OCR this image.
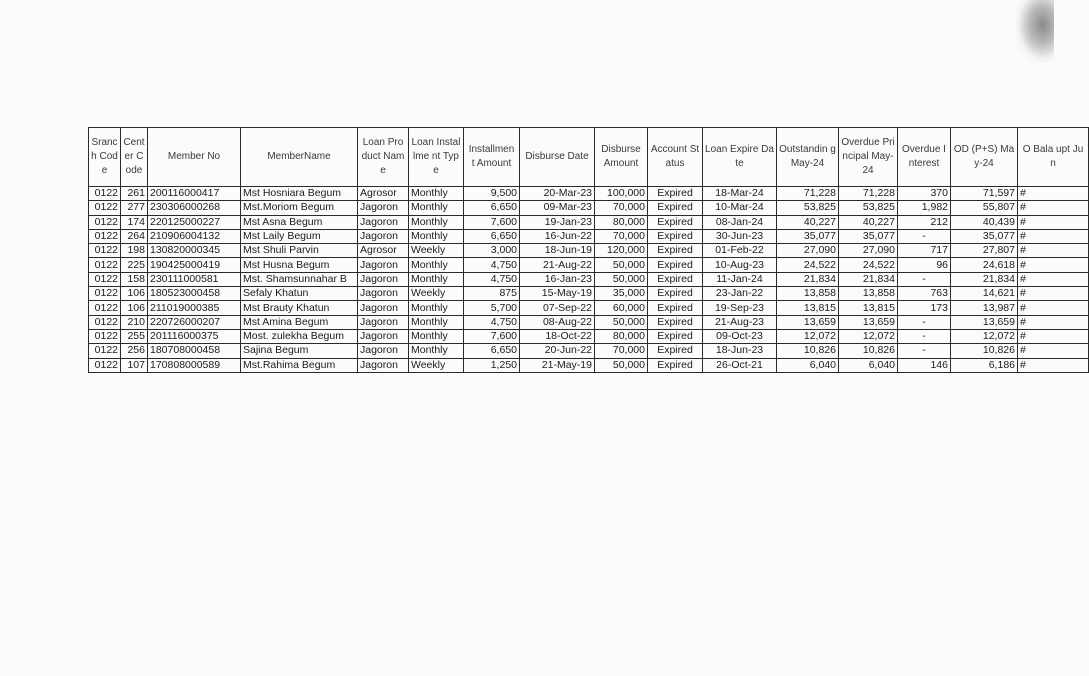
Sranc h Code	Cent er Code	Member No	MemberName	Loan Product Name	Loan Installme nt Type	Installmen t Amount	Disburse Date	Disburse Amount	Account Status	Loan Expire Date	Outstandin g May-24	Overdue Principal May-24	Overdue Interest	OD (P+S) May-24	O Bala upt Jun
0122	261	200116000417	Mst Hosniara Begum	Agrosor	Monthly	9,500	20-Mar-23	100,000	Expired	18-Mar-24	71,228	71,228	370	71,597	#
0122	277	230306000268	Mst.Moriom Begum	Jagoron	Monthly	6,650	09-Mar-23	70,000	Expired	10-Mar-24	53,825	53,825	1,982	55,807	#
0122	174	220125000227	Mst Asna Begum	Jagoron	Monthly	7,600	19-Jan-23	80,000	Expired	08-Jan-24	40,227	40,227	212	40,439	#
0122	264	210906004132	Mst Laily Begum	Jagoron	Monthly	6,650	16-Jun-22	70,000	Expired	30-Jun-23	35,077	35,077	-	35,077	#
0122	198	130820000345	Mst Shuli Parvin	Agrosor	Weekly	3,000	18-Jun-19	120,000	Expired	01-Feb-22	27,090	27,090	717	27,807	#
0122	225	190425000419	Mst Husna Begum	Jagoron	Monthly	4,750	21-Aug-22	50,000	Expired	10-Aug-23	24,522	24,522	96	24,618	#
0122	158	230111000581	Mst. Shamsunnahar B	Jagoron	Monthly	4,750	16-Jan-23	50,000	Expired	11-Jan-24	21,834	21,834	-	21,834	#
0122	106	180523000458	Sefaly Khatun	Jagoron	Weekly	875	15-May-19	35,000	Expired	23-Jan-22	13,858	13,858	763	14,621	#
0122	106	211019000385	Mst Brauty Khatun	Jagoron	Monthly	5,700	07-Sep-22	60,000	Expired	19-Sep-23	13,815	13,815	173	13,987	#
0122	210	220726000207	Mst Amina Begum	Jagoron	Monthly	4,750	08-Aug-22	50,000	Expired	21-Aug-23	13,659	13,659	-	13,659	#
0122	255	201116000375	Most. zulekha Begum	Jagoron	Monthly	7,600	18-Oct-22	80,000	Expired	09-Oct-23	12,072	12,072	-	12,072	#
0122	256	180708000458	Sajina Begum	Jagoron	Monthly	6,650	20-Jun-22	70,000	Expired	18-Jun-23	10,826	10,826	-	10,826	#
0122	107	170808000589	Mst.Rahima Begum	Jagoron	Weekly	1,250	21-May-19	50,000	Expired	26-Oct-21	6,040	6,040	146	6,186	#
